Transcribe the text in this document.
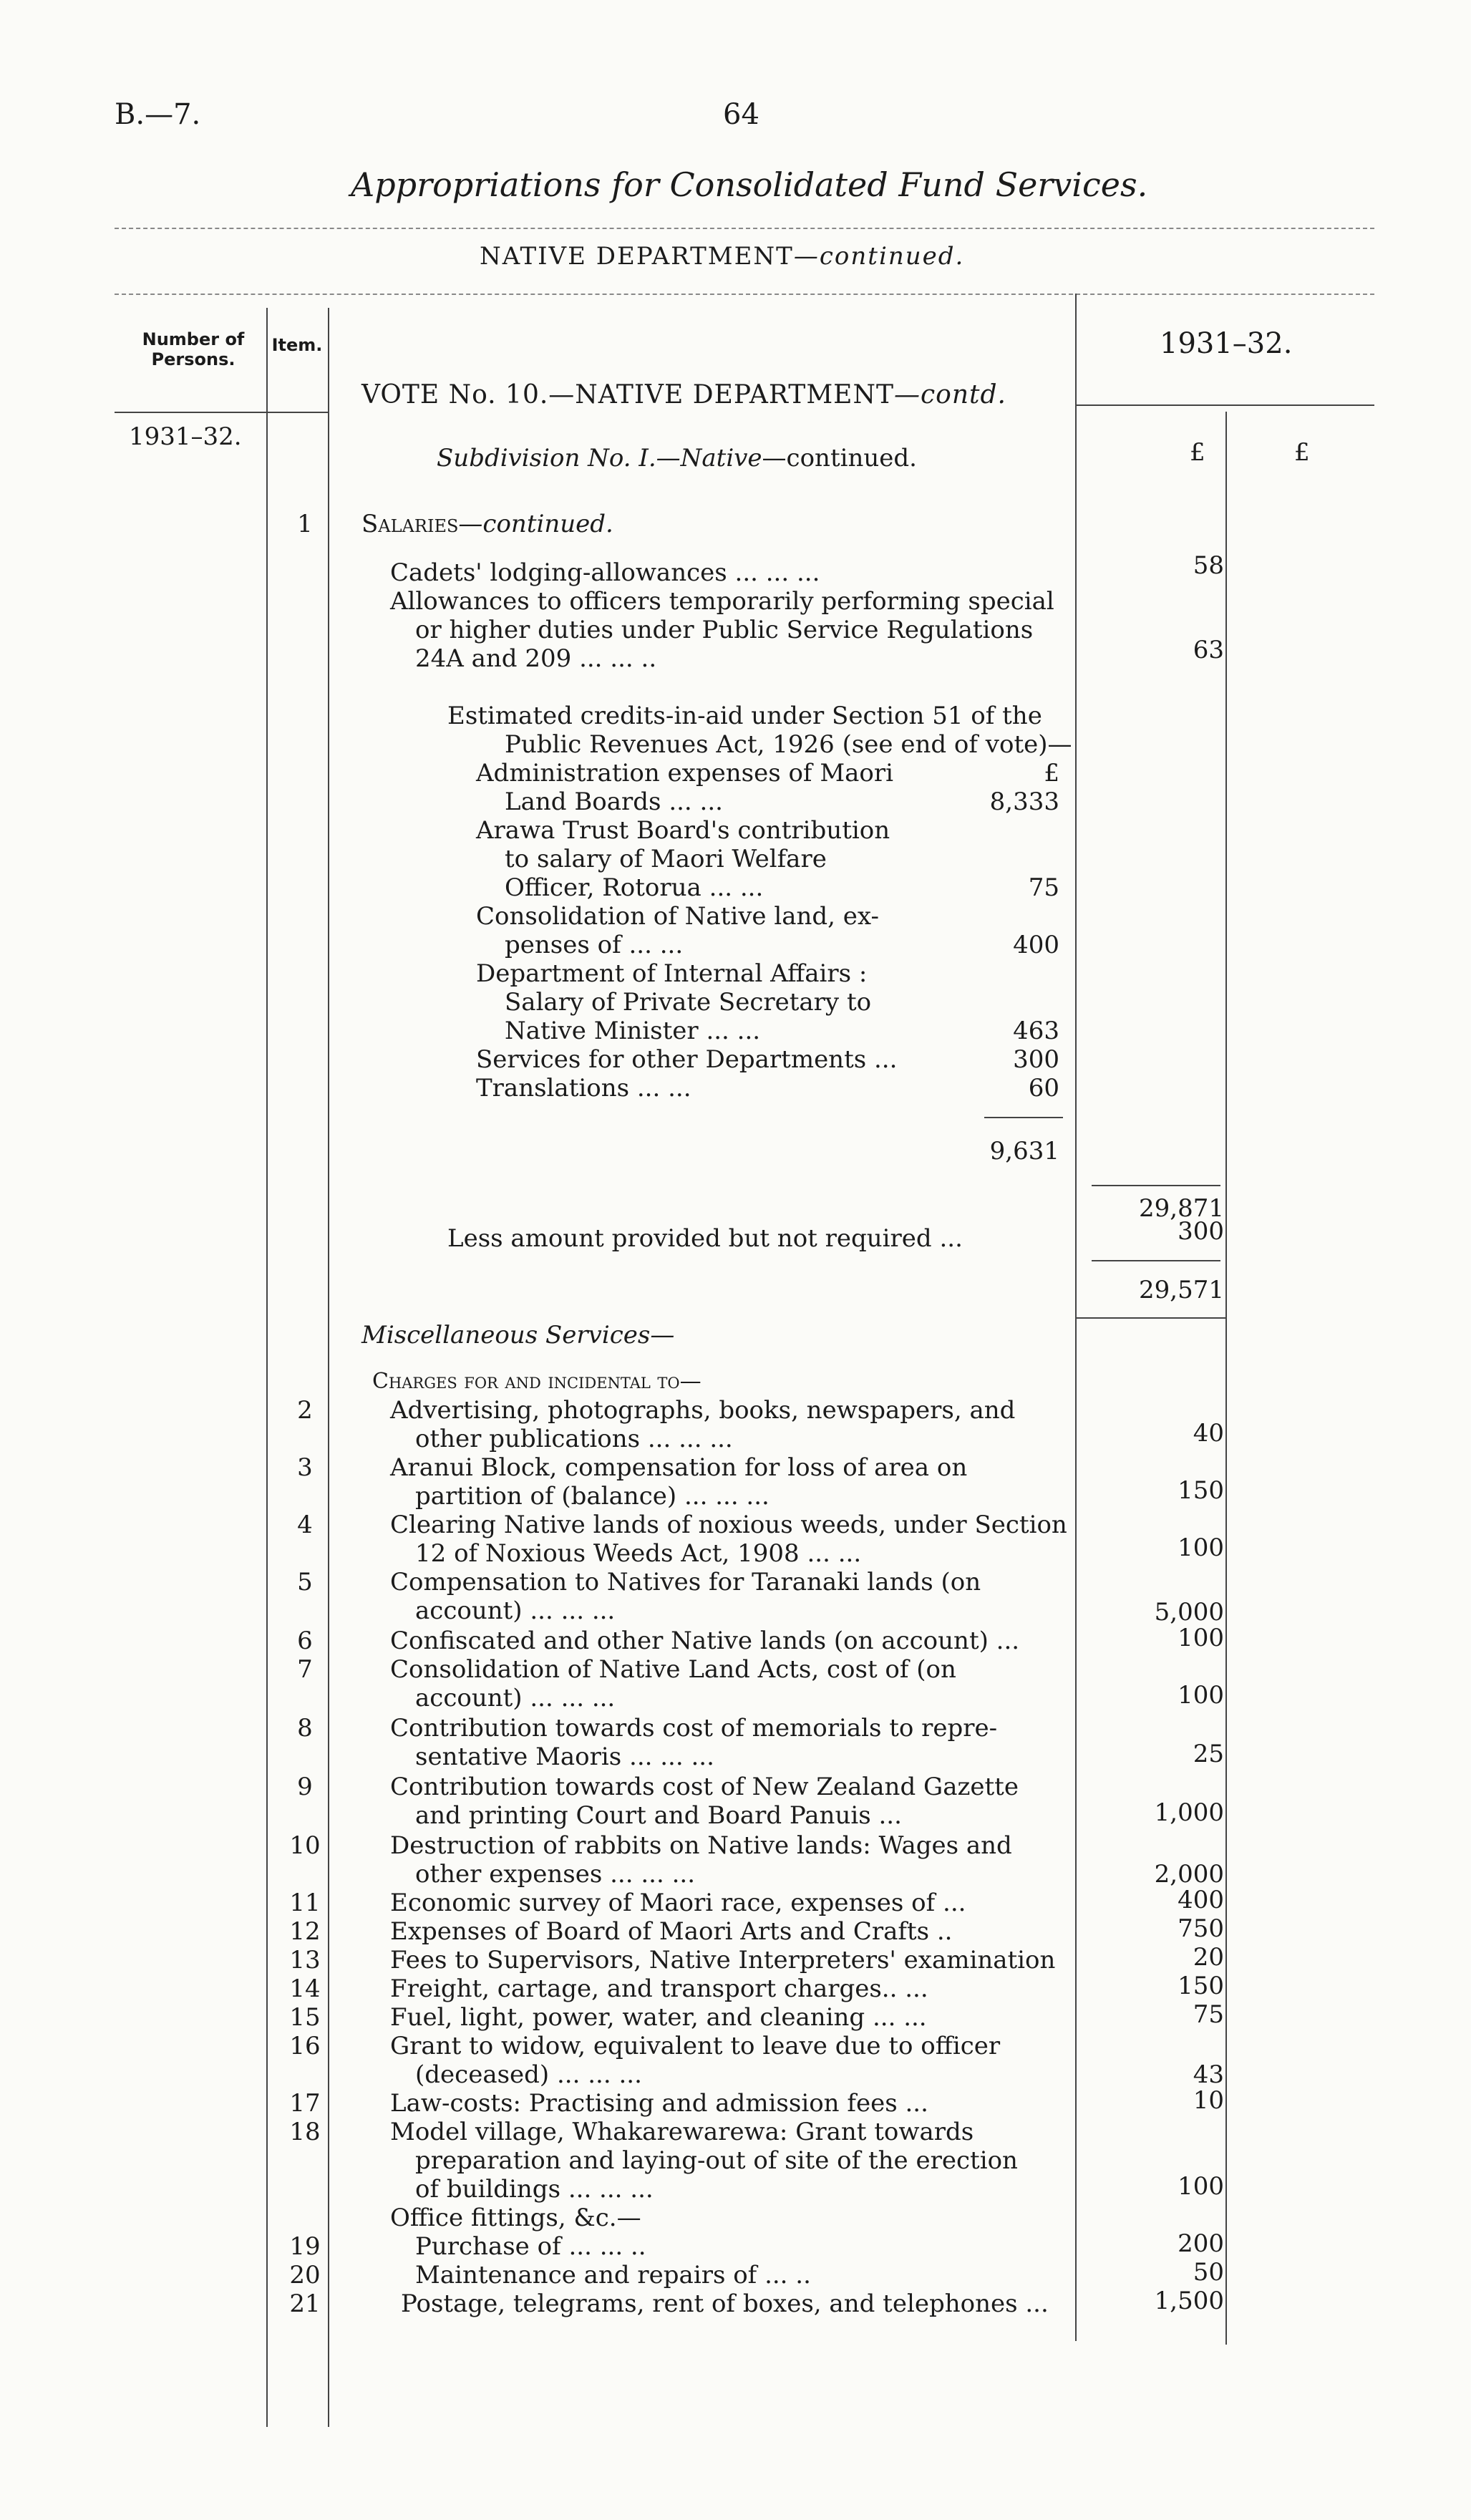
B.—7.	64
Appropriations for Consolidated Fund Services.
NATIVE DEPARTMENT—continued.
Number of Persons.
Item.	1931–32.
1931–32.
£	£
VOTE No. 10.—NATIVE DEPARTMENT—contd.
Subdivision No. I.—Native—continued.
1	Salaries—continued.
Cadets' lodging-allowances ... ... ...	58
Allowances to officers temporarily performing special
or higher duties under Public Service Regulations
24A and 209 ... ... ..	63
Estimated credits-in-aid under Section 51 of the
Public Revenues Act, 1926 (see end of vote)—
£
Administration expenses of Maori
Land Boards ... ...	8,333
Arawa Trust Board's contribution
to salary of Maori Welfare
Officer, Rotorua ... ...	75
Consolidation of Native land, ex-
penses of ... ...	400
Department of Internal Affairs :
Salary of Private Secretary to
Native Minister ... ...	463
Services for other Departments ...	300
Translations ... ...	60
9,631
29,871
Less amount provided but not required ...	300
29,571
Miscellaneous Services—
Charges for and incidental to—
2	Advertising, photographs, books, newspapers, and
other publications ... ... ...	40
3	Aranui Block, compensation for loss of area on
partition of (balance) ... ... ...	150
4	Clearing Native lands of noxious weeds, under Section
12 of Noxious Weeds Act, 1908 ... ...	100
5	Compensation to Natives for Taranaki lands (on
account) ... ... ...	5,000
6	Confiscated and other Native lands (on account) ...	100
7	Consolidation of Native Land Acts, cost of (on
account) ... ... ...	100
8	Contribution towards cost of memorials to repre-
sentative Maoris ... ... ...	25
9	Contribution towards cost of New Zealand Gazette
and printing Court and Board Panuis ...	1,000
10	Destruction of rabbits on Native lands: Wages and
other expenses ... ... ...	2,000
11	Economic survey of Maori race, expenses of ...	400
12	Expenses of Board of Maori Arts and Crafts ..	750
13	Fees to Supervisors, Native Interpreters' examination	20
14	Freight, cartage, and transport charges.. ...	150
15	Fuel, light, power, water, and cleaning ... ...	75
16	Grant to widow, equivalent to leave due to officer
(deceased) ... ... ...	43
17	Law-costs: Practising and admission fees ...	10
18	Model village, Whakarewarewa: Grant towards
preparation and laying-out of site of the erection
of buildings ... ... ...	100
Office fittings, &c.—
19	Purchase of ... ... ..	200
20	Maintenance and repairs of ... ..	50
21	Postage, telegrams, rent of boxes, and telephones ...	1,500
